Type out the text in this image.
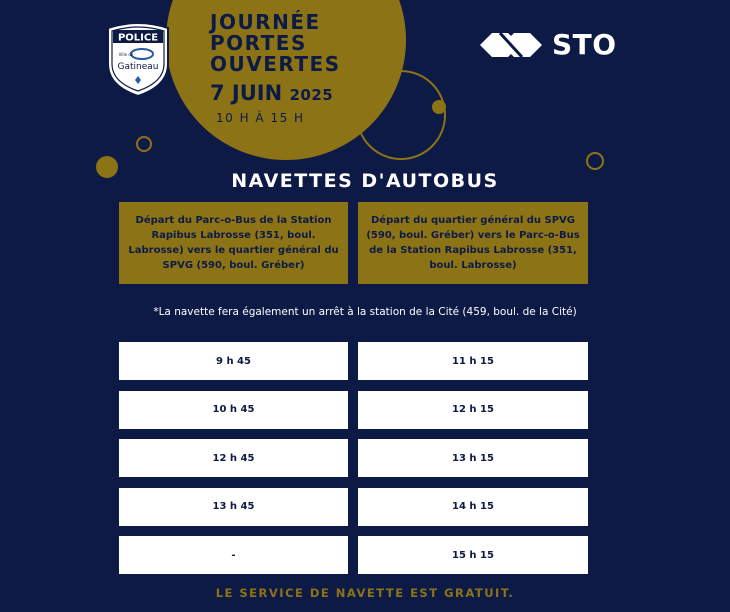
JOURNÉE
PORTES
OUVERTES
7 JUIN 2025
10 H À 15 H
POLICE
Ville de
Gatineau
STO
NAVETTES D'AUTOBUS
Départ du Parc-o-Bus de la Station Rapibus Labrosse (351, boul. Labrosse) vers le quartier général du SPVG (590, boul. Gréber)
Départ du quartier général du SPVG (590, boul. Gréber) vers le Parc-o-Bus de la Station Rapibus Labrosse (351, boul. Labrosse)
*La navette fera également un arrêt à la station de la Cité (459, boul. de la Cité)
9 h 45
10 h 45
12 h 45
13 h 45
-
11 h 15
12 h 15
13 h 15
14 h 15
15 h 15
LE SERVICE DE NAVETTE EST GRATUIT.
